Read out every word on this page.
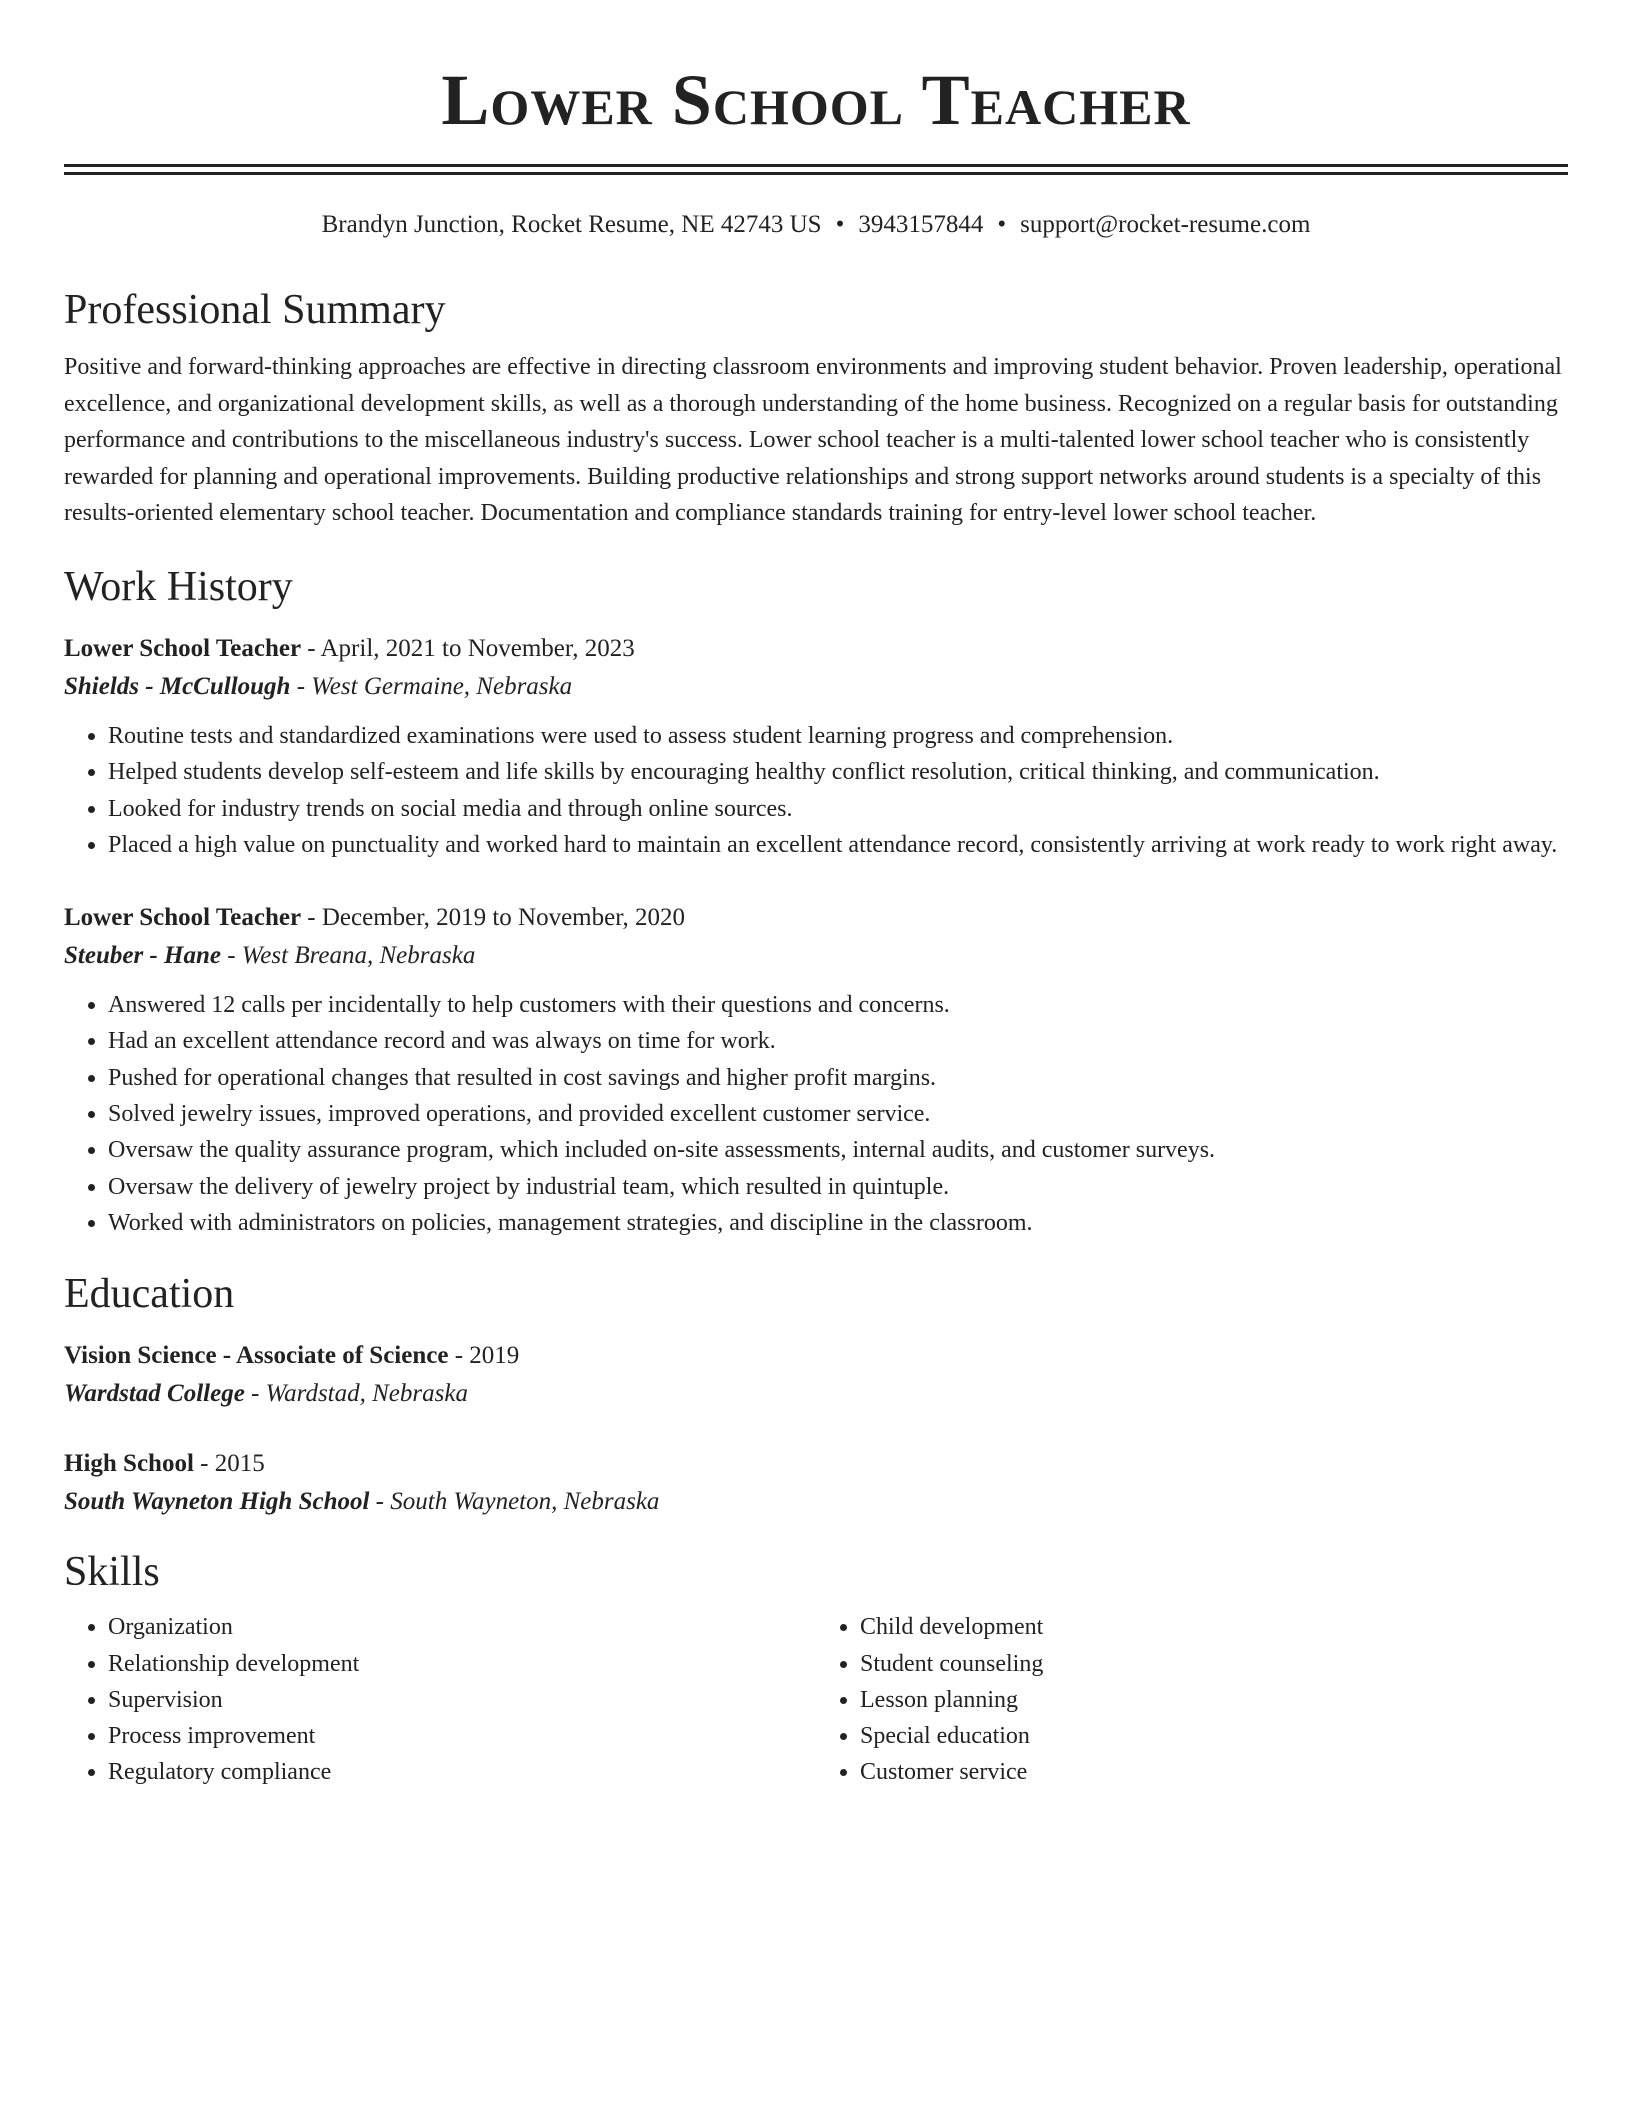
Lower School Teacher
Brandyn Junction, Rocket Resume, NE 42743 US • 3943157844 • support@rocket-resume.com
Professional Summary
Positive and forward-thinking approaches are effective in directing classroom environments and improving student behavior. Proven leadership, operational excellence, and organizational development skills, as well as a thorough understanding of the home business. Recognized on a regular basis for outstanding performance and contributions to the miscellaneous industry's success. Lower school teacher is a multi-talented lower school teacher who is consistently rewarded for planning and operational improvements. Building productive relationships and strong support networks around students is a specialty of this results-oriented elementary school teacher. Documentation and compliance standards training for entry-level lower school teacher.
Work History
Lower School Teacher - April, 2021 to November, 2023
Shields - McCullough - West Germaine, Nebraska
• Routine tests and standardized examinations were used to assess student learning progress and comprehension.
• Helped students develop self-esteem and life skills by encouraging healthy conflict resolution, critical thinking, and communication.
• Looked for industry trends on social media and through online sources.
• Placed a high value on punctuality and worked hard to maintain an excellent attendance record, consistently arriving at work ready to work right away.
Lower School Teacher - December, 2019 to November, 2020
Steuber - Hane - West Breana, Nebraska
• Answered 12 calls per incidentally to help customers with their questions and concerns.
• Had an excellent attendance record and was always on time for work.
• Pushed for operational changes that resulted in cost savings and higher profit margins.
• Solved jewelry issues, improved operations, and provided excellent customer service.
• Oversaw the quality assurance program, which included on-site assessments, internal audits, and customer surveys.
• Oversaw the delivery of jewelry project by industrial team, which resulted in quintuple.
• Worked with administrators on policies, management strategies, and discipline in the classroom.
Education
Vision Science - Associate of Science - 2019
Wardstad College - Wardstad, Nebraska
High School - 2015
South Wayneton High School - South Wayneton, Nebraska
Skills
• Organization
• Relationship development
• Supervision
• Process improvement
• Regulatory compliance
• Child development
• Student counseling
• Lesson planning
• Special education
• Customer service
